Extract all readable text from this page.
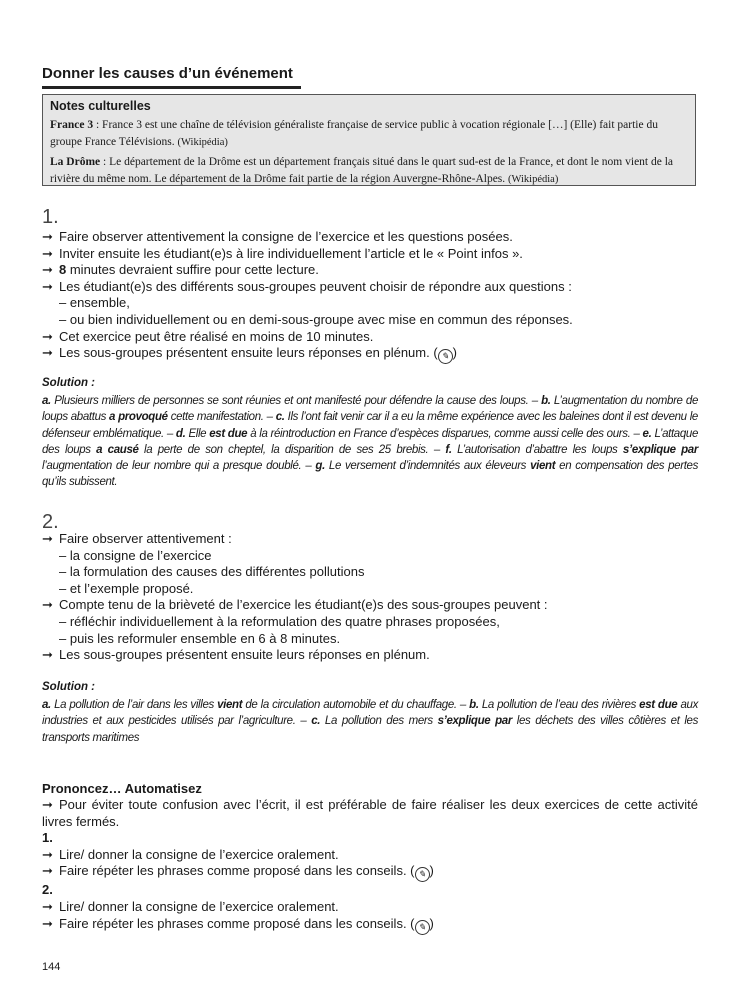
Donner les causes d’un événement
Notes culturelles

France 3 : France 3 est une chaîne de télévision généraliste française de service public à vocation régionale […] (Elle) fait partie du groupe France Télévisions. (Wikipédia)

La Drôme : Le département de la Drôme est un département français situé dans le quart sud-est de la France, et dont le nom vient de la rivière du même nom. Le département de la Drôme fait partie de la région Auvergne-Rhône-Alpes. (Wikipédia)

1.
➞ Faire observer attentivement la consigne de l’exercice et les questions posées.
➞ Inviter ensuite les étudiant(e)s à lire individuellement l’article et le « Point infos ».
➞ 8 minutes devraient suffire pour cette lecture.
➞ Les étudiant(e)s des différents sous-groupes peuvent choisir de répondre aux questions :
– ensemble,
– ou bien individuellement ou en demi-sous-groupe avec mise en commun des réponses.
➞ Cet exercice peut être réalisé en moins de 10 minutes.
➞ Les sous-groupes présentent ensuite leurs réponses en plénum. ( ✎ )
Solution :
a. Plusieurs milliers de personnes se sont réunies et ont manifesté pour défendre la cause des loups. – b. L’augmentation du nombre de loups abattus a provoqué cette manifestation. – c. Ils l’ont fait venir car il a eu la même expérience avec les baleines dont il est devenu le défenseur emblématique. – d. Elle est due à la réintroduction en France d’espèces disparues, comme aussi celle des ours. – e. L’attaque des loups a causé la perte de son cheptel, la disparition de ses 25 brebis. – f. L’autorisation d’abattre les loups s’explique par l’augmentation de leur nombre qui a presque doublé. – g. Le versement d’indemnités aux éleveurs vient en compensation des pertes qu’ils subissent.
2.
➞ Faire observer attentivement :
– la consigne de l’exercice
– la formulation des causes des différentes pollutions
– et l’exemple proposé.
➞ Compte tenu de la brièveté de l’exercice les étudiant(e)s des sous-groupes peuvent :
– réfléchir individuellement à la reformulation des quatre phrases proposées,
– puis les reformuler ensemble en 6 à 8 minutes.
➞ Les sous-groupes présentent ensuite leurs réponses en plénum.
Solution :
a. La pollution de l’air dans les villes vient de la circulation automobile et du chauffage. – b. La pollution de l’eau des rivières est due aux industries et aux pesticides utilisés par l’agriculture. – c. La pollution des mers s’explique par les déchets des villes côtières et les transports maritimes
Prononcez… Automatisez
➞ Pour éviter toute confusion avec l’écrit, il est préférable de faire réaliser les deux exercices de cette activité livres fermés.
1.
➞ Lire/ donner la consigne de l’exercice oralement.
➞ Faire répéter les phrases comme proposé dans les conseils. ( ✎ )
2.
➞ Lire/ donner la consigne de l’exercice oralement.
➞ Faire répéter les phrases comme proposé dans les conseils. ( ✎ )
144
